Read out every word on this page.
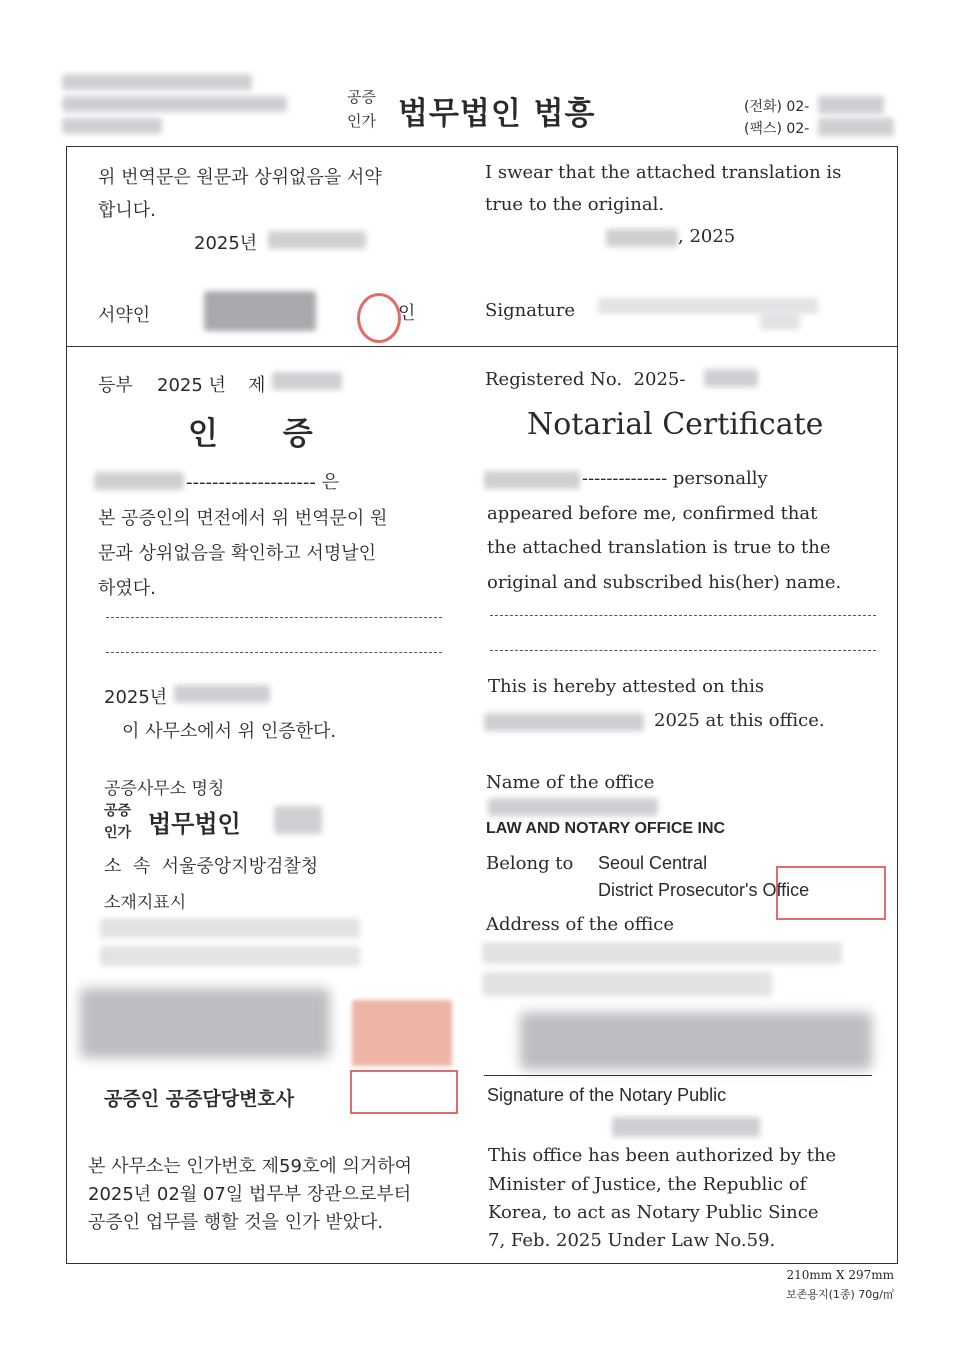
공증
인가 법무법인 법흥	(전화) 02-
(팩스) 02-
위 번역문은 원문과 상위없음을 서약
합니다.
2025년
서약인	인
I swear that the attached translation is
true to the original.
, 2025
Signature
등부 2025 년 제
인      증
Registered No.  2025-
Notarial Certificate
-------------------- 은
본 공증인의 면전에서 위 번역문이 원
문과 상위없음을 확인하고 서명날인
하였다.
-------------- personally
appeared before me, confirmed that
the attached translation is true to the
original and subscribed his(her) name.
2025년
이 사무소에서 위 인증한다.
This is hereby attested on this
2025 at this office.
공증사무소 명칭
공증
인가 법무법인
소  속  서울중앙지방검찰청
소재지표시
Name of the office
LAW AND NOTARY OFFICE INC
Belong to Seoul Central
District Prosecutor's Office
Address of the office
공증인 공증담당변호사	Signature of the Notary Public
본 사무소는 인가번호 제59호에 의거하여
2025년 02월 07일 법무부 장관으로부터
공증인 업무를 행할 것을 인가 받았다.
This office has been authorized by the
Minister of Justice, the Republic of
Korea, to act as Notary Public Since
7, Feb. 2025 Under Law No.59.
210mm X 297mm
보존용지(1종) 70g/㎡
